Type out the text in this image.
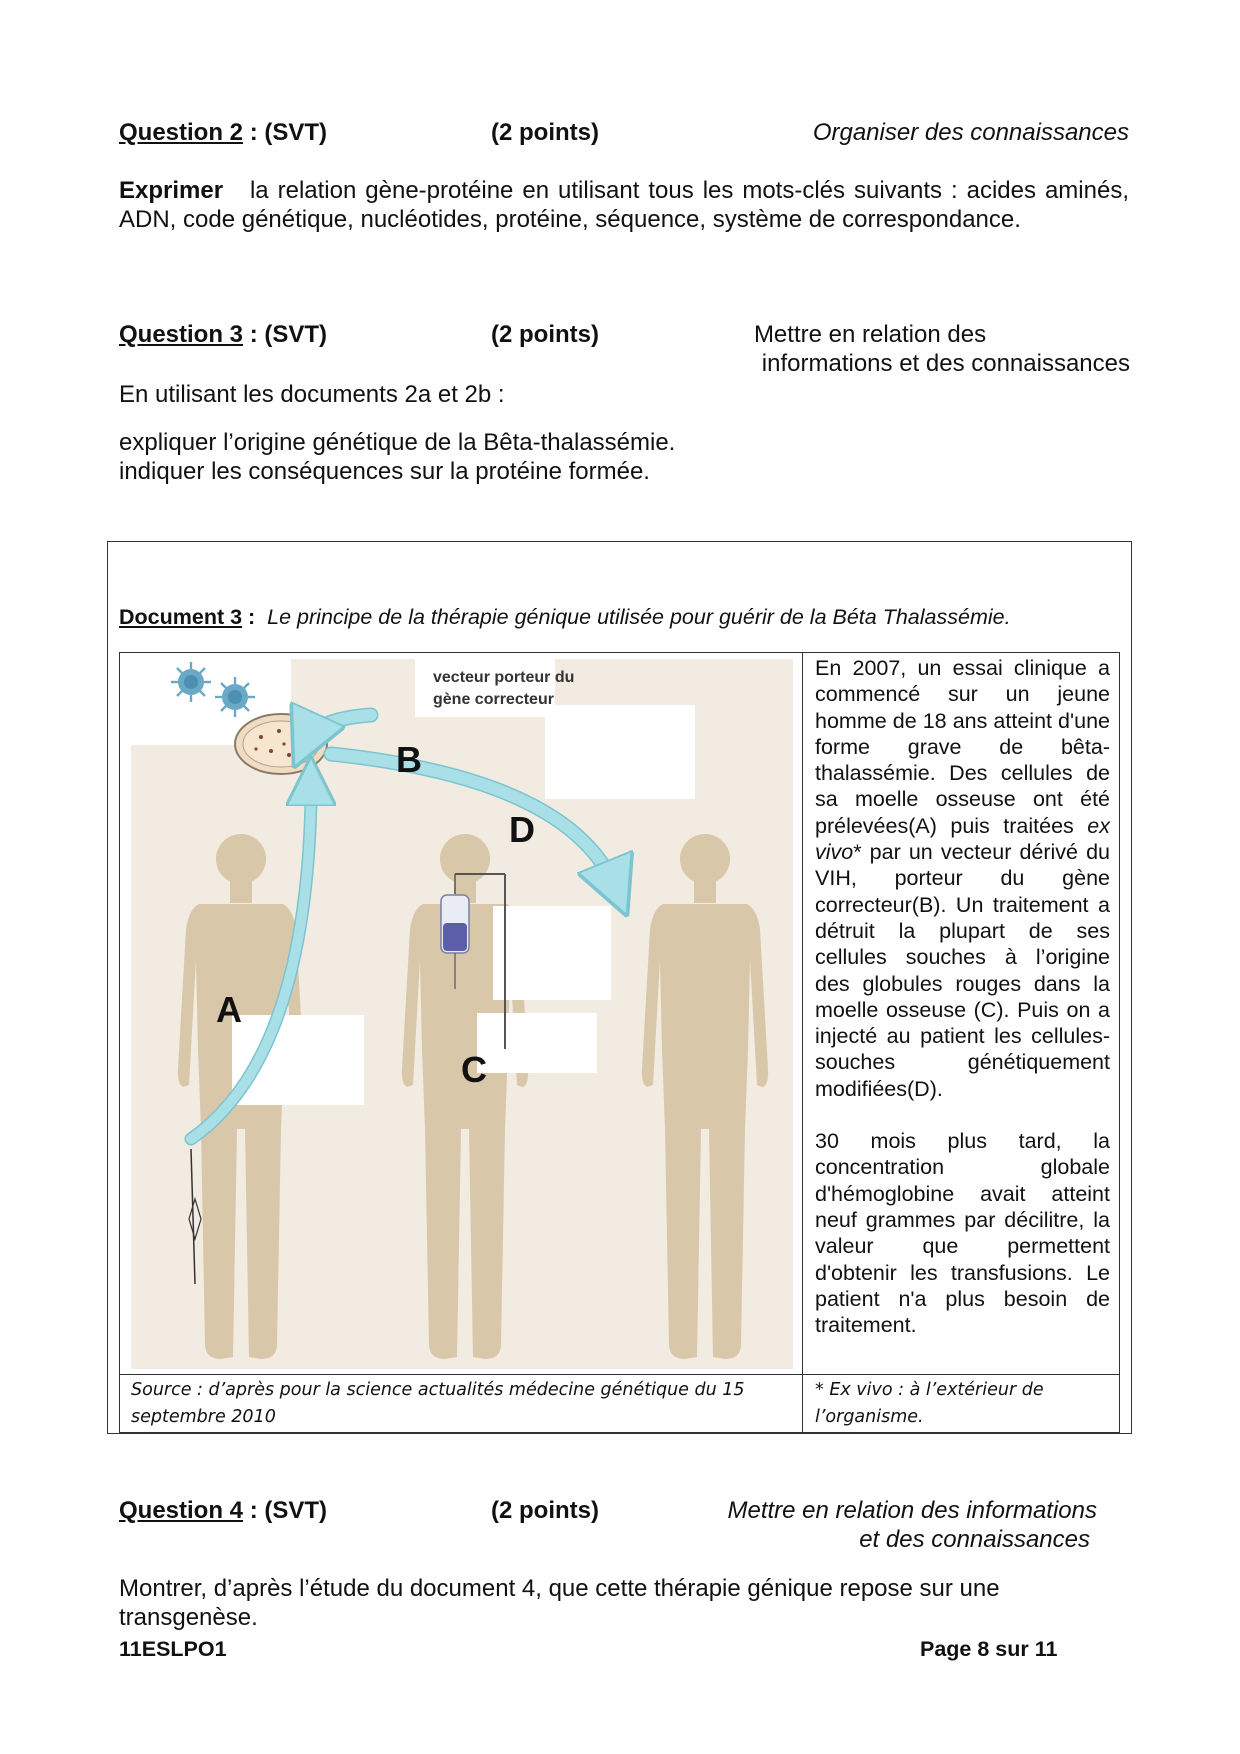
Question 2 : (SVT)	(2 points)	Organiser des connaissances
Exprimer la relation gène-protéine en utilisant tous les mots-clés suivants : acides aminés, ADN, code génétique, nucléotides, protéine, séquence, système de correspondance.
Question 3 : (SVT)	(2 points)	Mettre en relation des
informations et des connaissances
En utilisant les documents 2a et 2b :
expliquer l’origine génétique de la Bêta-thalassémie.
indiquer les conséquences sur la protéine formée.
Document 3 :  Le principe de la thérapie génique utilisée pour guérir de la Béta Thalassémie.
A
B
C
D
vecteur porteur du
gène correcteur

En 2007, un essai clinique a commencé sur un jeune homme de 18 ans atteint d'une forme grave de bêta-thalassémie. Des cellules de sa moelle osseuse ont été prélevées(A) puis traitées ex vivo* par un vecteur dérivé du VIH, porteur du gène correcteur(B). Un traitement a détruit la plupart de ses cellules souches à l’origine des globules rouges dans la moelle osseuse (C). Puis on a injecté au patient les cellules-souches génétiquement modifiées(D).

30 mois plus tard, la concentration globale d'hémoglobine avait atteint neuf grammes par décilitre, la valeur que permettent d'obtenir les transfusions. Le patient n'a plus besoin de traitement.

Source : d’après pour la science actualités médecine génétique du 15 septembre 2010
* Ex vivo : à l’extérieur de l’organisme.
Question 4 : (SVT)	(2 points)	Mettre en relation des informations
et des connaissances
Montrer, d’après l’étude du document 4, que cette thérapie génique repose sur une transgenèse.
11ESLPO1	Page 8 sur 11
